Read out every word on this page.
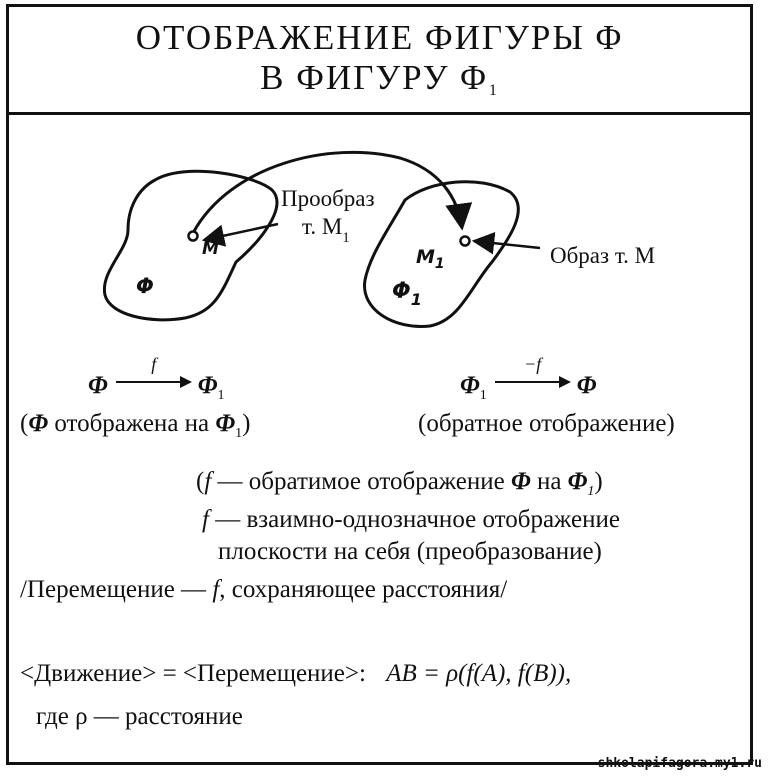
ОТОБРАЖЕНИЕ ФИГУРЫ Φ
В ФИГУРУ $\Phi_1$
M	$M_1$
Φ	$\Phi_1$
Прообраз
т. $M_1$
Образ т. M
Φ
f
$\Phi_1$
(Φ отображена на $\Phi_1$)
$\Phi_1$
−f
Φ
(обратное отображение)
(f — обратимое отображение Φ на $\Phi_1$)
f — взаимно-однозначное отображение
плоскости на себя (преобразование)
/Перемещение — f, сохраняющее расстояния/
<Движение> = <Перемещение>: AB = ρ(f(A), f(B)),
где ρ — расстояние
shkolapifagora.my1.ru
